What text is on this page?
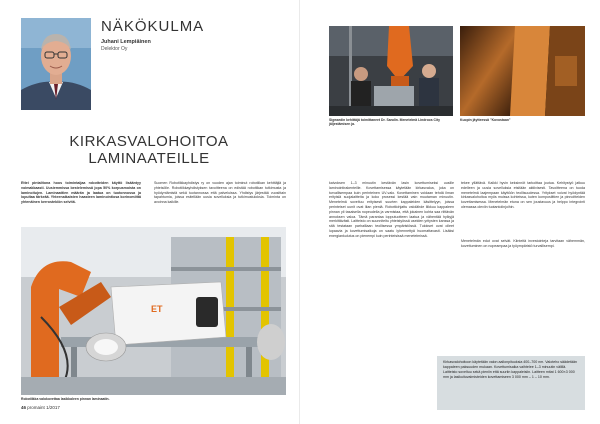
NÄKÖKULMA
Juhani Lempiäinen
Delektor Oy
KIRKASVALOHOITOA
LAMINAATEILLE
Ettei pintalitona hoos toimintaijaa robotteiden käyttö lisääntyy voimakkaasti. Uusiemmissa bestelemissä jopa 50% korpusmoista on laminoitujen. Laminaattien määrän ja laatua on tuotonnossa ja lopultaa tärkeää. Yhteenaikaisten haasteen laminointiosa korinomiittä yhtenäinen kerrostekiön selvitä.
Suomen Robotiikkayhdistys ry on vuoden ajan toiminut robotiikan kehittäjiä ja yhteisölle. Robotiikkayhdistyksen tavoitteena on edistää robotiikan tutkimusta ja hyödyntämistä sekä tuotannossa että palveluissa. Yhdistys järjestää vuosittain tapahtumia, joissa esitellään uusia sovelluksia ja tutkimustuloksia. Toiminta on avoinna kaikille.
ET
Robotiikka valokovettaa lasikkaleen pinnan laminaatin.
46 promaint 1/2017
Sigwardin kehittäjä toimittaneet Dr. Sandin. Menetelmä Lindroos City jäljestämisen ja.
Kuopin jäytteessä "Kovostaan"
kaivoksen 1–3 minuutin kestävän lasin kovettumiseksi uusille laminointirakenteille. Kovettamisessa käytetään kirkasvaloa, joka on turvallisempaa kuin perinteinen UV-valo. Kovettaminen voidaan tehdä ilman erityisiä suojalaitteita ja koko prosessi kestää vain muutaman minuutin. Menetelmä soveltuu erityisesti suurten kappaleiden käsittelyyn, joissa perinteiset uunit ovat liian pieniä. Robottiohjattu valolähde liikkuu kappaleen pinnan yli tasaisella nopeudella ja varmistaa, että jokainen kohta saa riittävän annoksen valoa. Tämä parantaa lopputuotteen laatua ja vähentää hylkyjä merkittävästi. Laitteisto on suunniteltu yhteistyössä useiden yritysten kanssa ja sitä testataan parhaillaan teollisessa ympäristössä. Tulokset ovat olleet lupaavia ja kovettumisaikoja on saatu lyhennettyä huomattavasti. Lisäksi energiankulutus on pienempi kuin perinteisissä menetelmissä.
tekee yllättävä. Kaikki hyvin keksinnöt tarkoittaa joutua. Kehitystyö jatkuu edelleen ja uusia sovelluksia etsitään aktiivisesti. Tavoitteena on tuoda menetelmä laajempaan käyttöön teollisuudessa. Yritykset voivat hyödyntää kirkasvalohoitoa myös muissa kohteissa, kuten komposiittien ja pinnoitteiden kovettamisessa. Menetelmän etuna on sen joustavuus ja helppo integrointi olemassa oleviin tuotantolinjoihin.
Menetelmän edut ovat selvät. Kiinteitä investointeja tarvitaan vähemmän, kovettuminen on nopeampaa ja työympäristö turvallisempi.
Kirkasvalohoitoon käytetään valon aallonpituuksia 400–700 nm. Valoteho säädetään kappaleen paksuuden mukaan. Kovettumisaika vaihtelee 1–3 minuutin välillä. Laitteisto soveltuu sekä pieniin että suuriin kappaleisiin. Laitteen mitat 1 600×3 000 mm ja lasikuituvalmisteiden kovettamiseen 3 000 mm – 1 – 10 mm.
